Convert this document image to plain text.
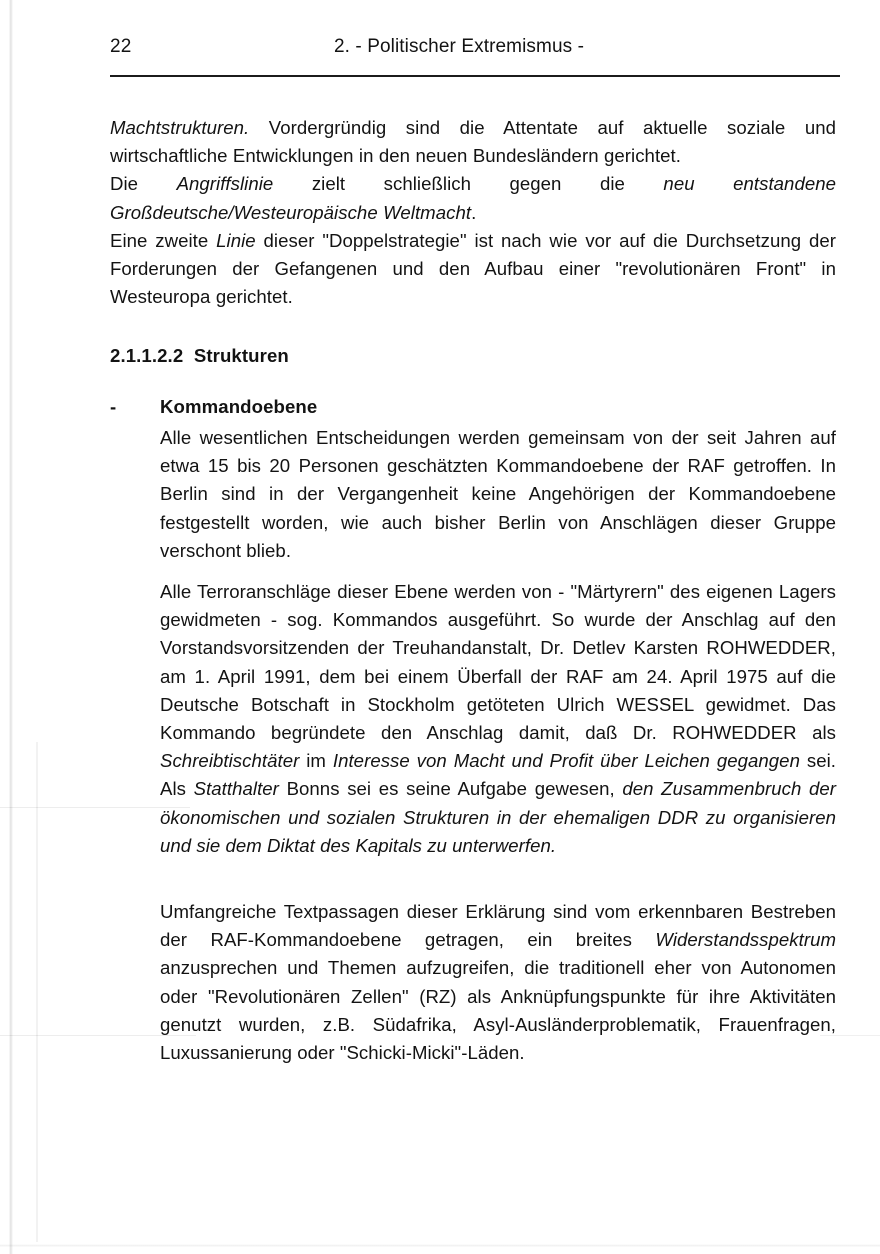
22	2. - Politischer Extremismus -

Machtstrukturen. Vordergründig sind die Attentate auf aktuelle soziale und wirtschaftliche Entwicklungen in den neuen Bundesländern gerichtet.

Die Angriffslinie zielt schließlich gegen die neu entstandene Großdeutsche/Westeuropäische Weltmacht.

Eine zweite Linie dieser "Doppelstrategie" ist nach wie vor auf die Durchsetzung der Forderungen der Gefangenen und den Aufbau einer "revolutionären Front" in Westeuropa gerichtet.

2.1.1.2.2 Strukturen
- Kommandoebene

Alle wesentlichen Entscheidungen werden gemeinsam von der seit Jahren auf etwa 15 bis 20 Personen geschätzten Kommandoebene der RAF getroffen. In Berlin sind in der Vergangenheit keine Angehörigen der Kommandoebene festgestellt worden, wie auch bisher Berlin von Anschlägen dieser Gruppe verschont blieb.

Alle Terroranschläge dieser Ebene werden von - "Märtyrern" des eigenen Lagers gewidmeten - sog. Kommandos ausgeführt. So wurde der Anschlag auf den Vorstandsvorsitzenden der Treuhandanstalt, Dr. Detlev Karsten ROHWEDDER, am 1. April 1991, dem bei einem Überfall der RAF am 24. April 1975 auf die Deutsche Botschaft in Stockholm getöteten Ulrich WESSEL gewidmet. Das Kommando begründete den Anschlag damit, daß Dr. ROHWEDDER als Schreibtischtäter im Interesse von Macht und Profit über Leichen gegangen sei. Als Statthalter Bonns sei es seine Aufgabe gewesen, den Zusammenbruch der ökonomischen und sozialen Strukturen in der ehemaligen DDR zu organisieren und sie dem Diktat des Kapitals zu unterwerfen.

Umfangreiche Textpassagen dieser Erklärung sind vom erkennbaren Bestreben der RAF-Kommandoebene getragen, ein breites Widerstandsspektrum anzusprechen und Themen aufzugreifen, die traditionell eher von Autonomen oder "Revolutionären Zellen" (RZ) als Anknüpfungspunkte für ihre Aktivitäten genutzt wurden, z.B. Südafrika, Asyl-Ausländerproblematik, Frauenfragen, Luxussanierung oder "Schicki-Micki"-Läden.
